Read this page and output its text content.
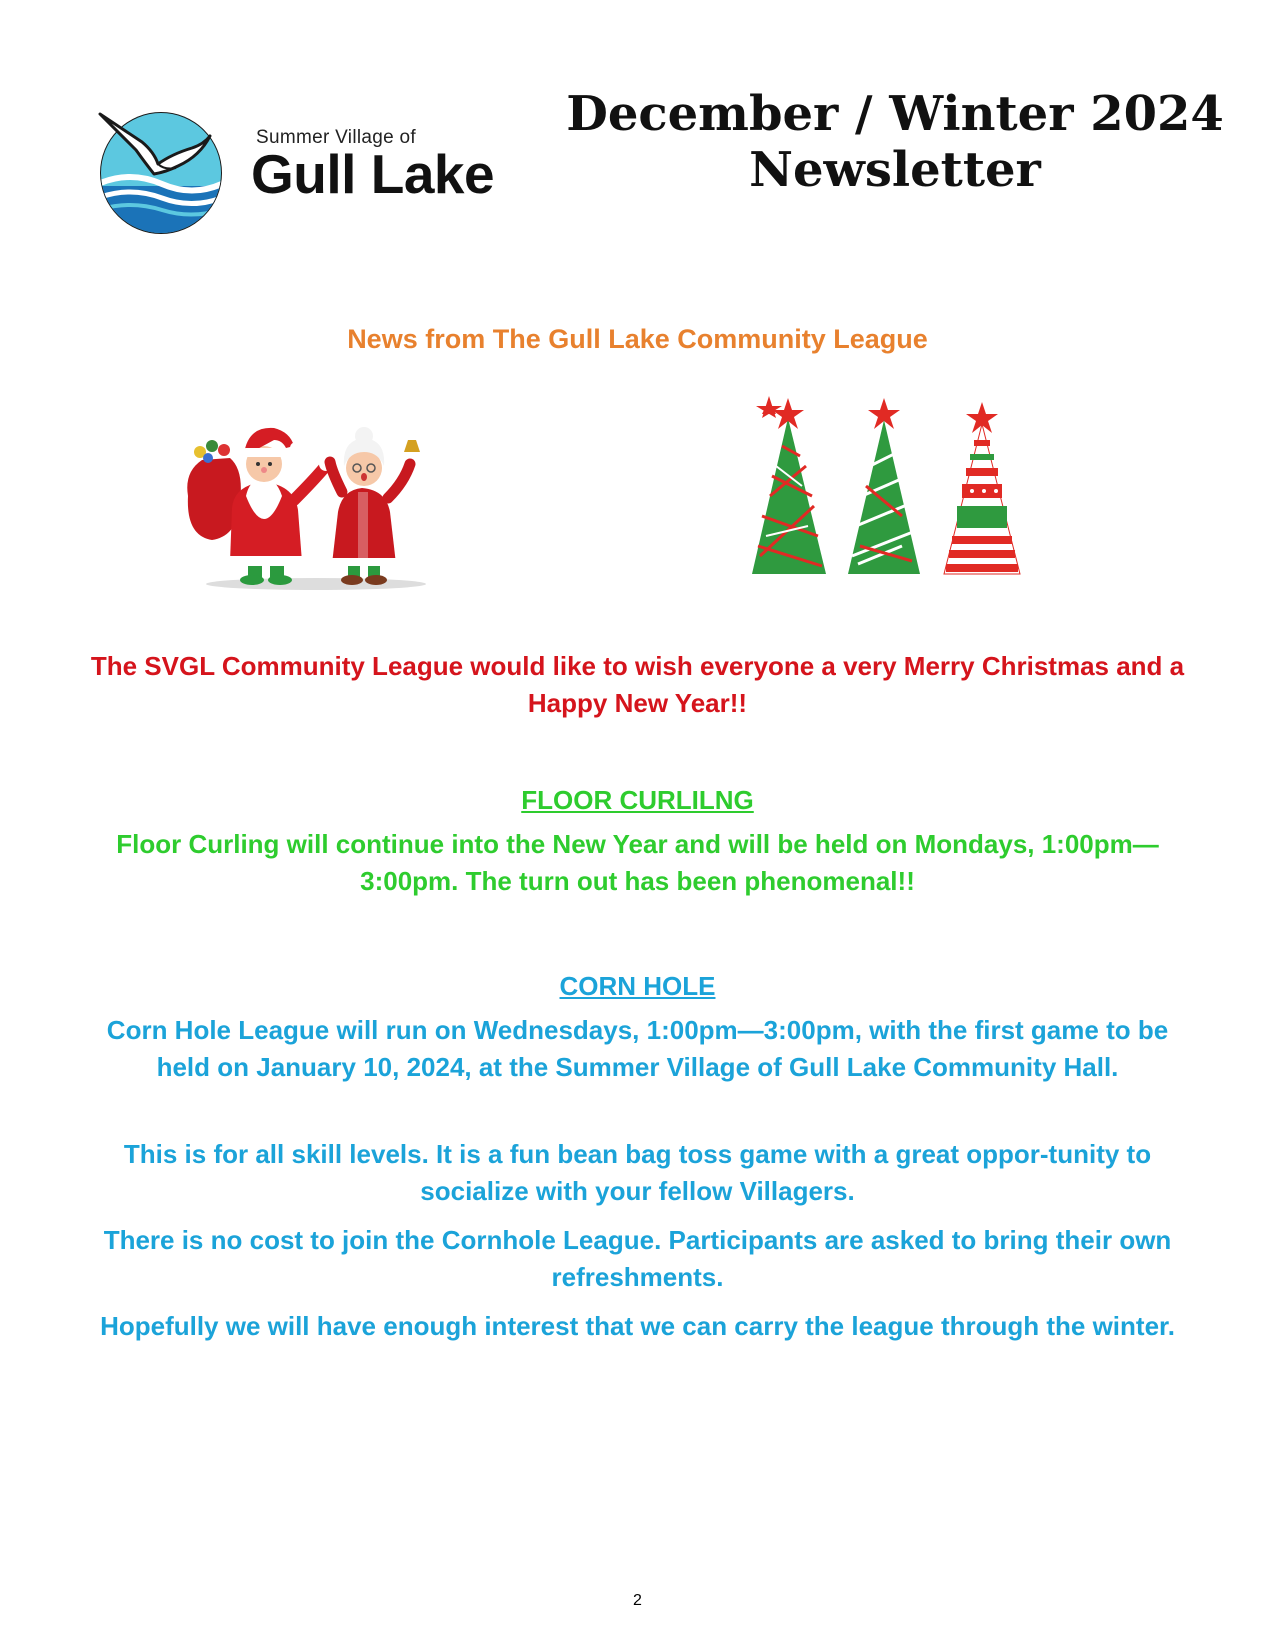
Summer Village of
Gull Lake
December / Winter 2024
Newsletter
News from The Gull Lake Community League

The SVGL Community League would like to wish everyone a very Merry Christmas and a Happy New Year!!

FLOOR CURLILNG

Floor Curling will continue into the New Year and will be held on Mondays, 1:00pm—3:00pm. The turn out has been phenomenal!!

CORN HOLE

Corn Hole League will run on Wednesdays, 1:00pm—3:00pm, with the first game to be held on January 10, 2024, at the Summer Village of Gull Lake Community Hall.

This is for all skill levels. It is a fun bean bag toss game with a great oppor-tunity to socialize with your fellow Villagers.

There is no cost to join the Cornhole League. Participants are asked to bring their own refreshments.

Hopefully we will have enough interest that we can carry the league through the winter.

2
